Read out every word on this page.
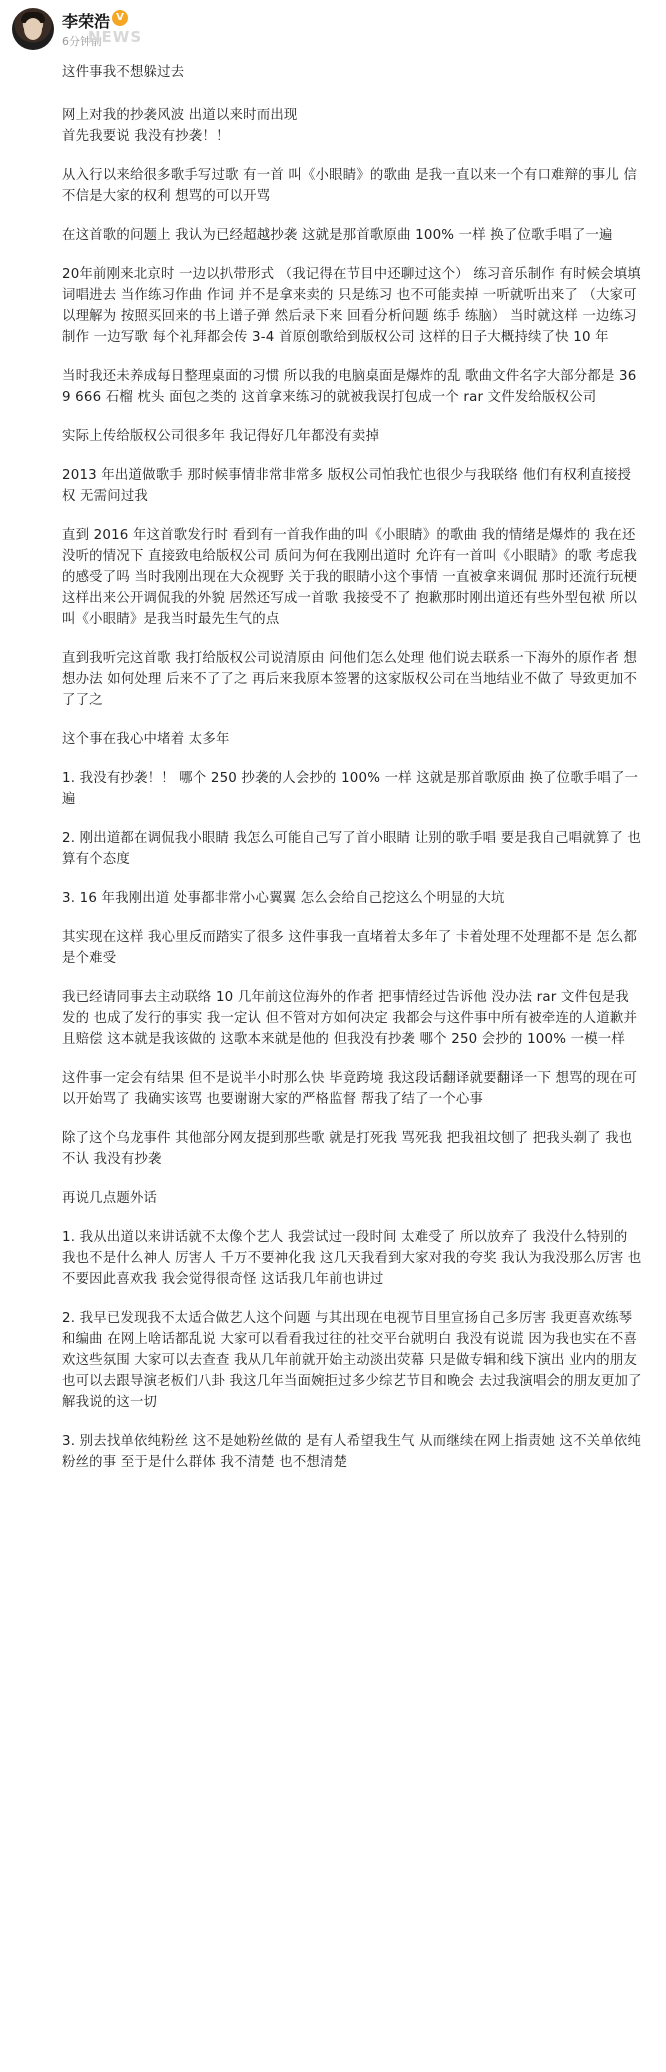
李荣浩 V
6分钟前
NEWS

这件事我不想躲过去

网上对我的抄袭风波 出道以来时而出现
首先我要说 我没有抄袭！！

从入行以来给很多歌手写过歌 有一首 叫《小眼睛》的歌曲 是我一直以来一个有口难辩的事儿 信不信是大家的权利 想骂的可以开骂

在这首歌的问题上 我认为已经超越抄袭 这就是那首歌原曲 100% 一样 换了位歌手唱了一遍

20年前刚来北京时 一边以扒带形式 （我记得在节目中还聊过这个） 练习音乐制作 有时候会填填词唱进去 当作练习作曲 作词 并不是拿来卖的 只是练习 也不可能卖掉 一听就听出来了 （大家可以理解为 按照买回来的书上谱子弹 然后录下来 回看分析问题 练手 练脑） 当时就这样 一边练习制作 一边写歌 每个礼拜都会传 3-4 首原创歌给到版权公司 这样的日子大概持续了快 10 年

当时我还未养成每日整理桌面的习惯 所以我的电脑桌面是爆炸的乱 歌曲文件名字大部分都是 369 666 石榴 枕头 面包之类的 这首拿来练习的就被我误打包成一个 rar 文件发给版权公司

实际上传给版权公司很多年 我记得好几年都没有卖掉

2013 年出道做歌手 那时候事情非常非常多 版权公司怕我忙也很少与我联络 他们有权利直接授权 无需问过我

直到 2016 年这首歌发行时 看到有一首我作曲的叫《小眼睛》的歌曲 我的情绪是爆炸的 我在还没听的情况下 直接致电给版权公司 质问为何在我刚出道时 允许有一首叫《小眼睛》的歌 考虑我的感受了吗 当时我刚出现在大众视野 关于我的眼睛小这个事情 一直被拿来调侃 那时还流行玩梗 这样出来公开调侃我的外貌 居然还写成一首歌 我接受不了 抱歉那时刚出道还有些外型包袱 所以叫《小眼睛》是我当时最先生气的点

直到我听完这首歌 我打给版权公司说清原由 问他们怎么处理 他们说去联系一下海外的原作者 想想办法 如何处理 后来不了了之 再后来我原本签署的这家版权公司在当地结业不做了 导致更加不了了之

这个事在我心中堵着 太多年

1. 我没有抄袭！！ 哪个 250 抄袭的人会抄的 100% 一样 这就是那首歌原曲 换了位歌手唱了一遍

2. 刚出道都在调侃我小眼睛 我怎么可能自己写了首小眼睛 让别的歌手唱 要是我自己唱就算了 也算有个态度

3. 16 年我刚出道 处事都非常小心翼翼 怎么会给自己挖这么个明显的大坑

其实现在这样 我心里反而踏实了很多 这件事我一直堵着太多年了 卡着处理不处理都不是 怎么都是个难受

我已经请同事去主动联络 10 几年前这位海外的作者 把事情经过告诉他 没办法 rar 文件包是我发的 也成了发行的事实 我一定认 但不管对方如何决定 我都会与这件事中所有被牵连的人道歉并且赔偿 这本就是我该做的 这歌本来就是他的 但我没有抄袭 哪个 250 会抄的 100% 一模一样

这件事一定会有结果 但不是说半小时那么快 毕竟跨境 我这段话翻译就要翻译一下 想骂的现在可以开始骂了 我确实该骂 也要谢谢大家的严格监督 帮我了结了一个心事

除了这个乌龙事件 其他部分网友提到那些歌 就是打死我 骂死我 把我祖坟刨了 把我头剃了 我也不认 我没有抄袭

再说几点题外话

1. 我从出道以来讲话就不太像个艺人 我尝试过一段时间 太难受了 所以放弃了 我没什么特别的 我也不是什么神人 厉害人 千万不要神化我 这几天我看到大家对我的夸奖 我认为我没那么厉害 也不要因此喜欢我 我会觉得很奇怪 这话我几年前也讲过

2. 我早已发现我不太适合做艺人这个问题 与其出现在电视节目里宣扬自己多厉害 我更喜欢练琴和编曲 在网上啥话都乱说 大家可以看看我过往的社交平台就明白 我没有说谎 因为我也实在不喜欢这些氛围 大家可以去查查 我从几年前就开始主动淡出荧幕 只是做专辑和线下演出 业内的朋友也可以去跟导演老板们八卦 我这几年当面婉拒过多少综艺节目和晚会 去过我演唱会的朋友更加了解我说的这一切

3. 别去找单依纯粉丝 这不是她粉丝做的 是有人希望我生气 从而继续在网上指责她 这不关单依纯粉丝的事 至于是什么群体 我不清楚 也不想清楚
